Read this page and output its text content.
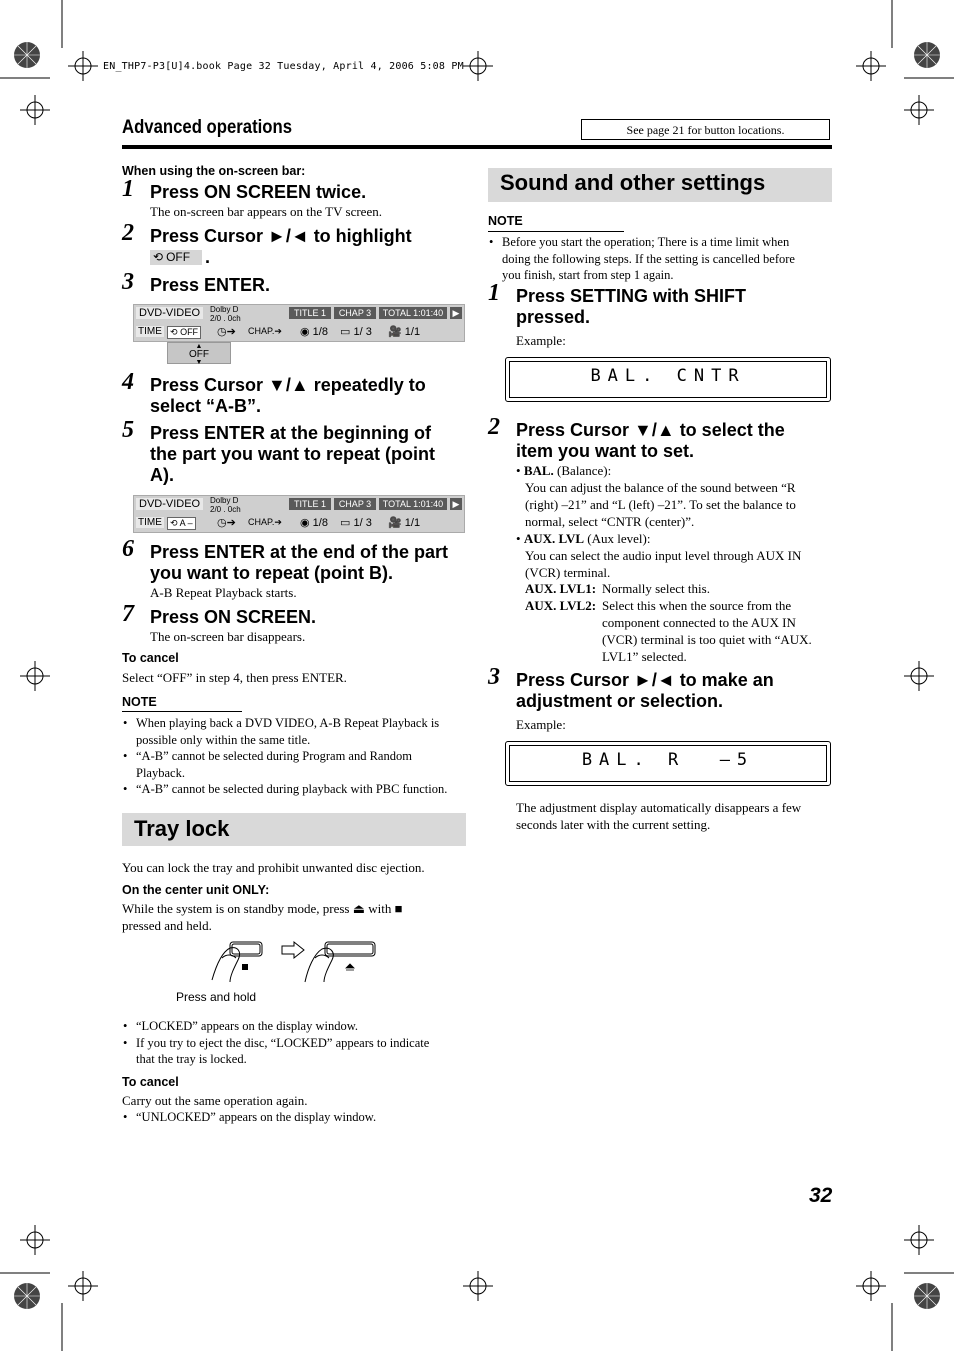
EN_THP7-P3[U]4.book Page 32 Tuesday, April 4, 2006 5:08 PM
Advanced operations	See page 21 for button locations.
When using the on-screen bar:
1 Press ON SCREEN twice.
The on-screen bar appears on the TV screen.
2 Press Cursor ►/◄ to highlight
⟲ OFF .
3 Press ENTER.
DVD-VIDEO	Dolby D
2/0 . 0ch
TITLE 1	CHAP 3	TOTAL 1:01:40	▶
TIME ⟲ OFF ◷➔ CHAP.➔ ◉ 1/8 ▭ 1/ 3 🎥 1/1
▲
OFF
▼
4 Press Cursor ▼/▲ repeatedly to
select “A-B”.
5 Press ENTER at the beginning of
the part you want to repeat (point
A).
DVD-VIDEO	Dolby D
2/0 . 0ch
TITLE 1	CHAP 3	TOTAL 1:01:40	▶
TIME ⟲ A – ◷➔ CHAP.➔ ◉ 1/8 ▭ 1/ 3 🎥 1/1
6 Press ENTER at the end of the part
you want to repeat (point B).
A-B Repeat Playback starts.
7 Press ON SCREEN.
The on-screen bar disappears.
To cancel
Select “OFF” in step 4, then press ENTER.
NOTE
• When playing back a DVD VIDEO, A-B Repeat Playback is
possible only within the same title.
• “A-B” cannot be selected during Program and Random
Playback.
• “A-B” cannot be selected during playback with PBC function.
Tray lock
You can lock the tray and prohibit unwanted disc ejection.
On the center unit ONLY:
While the system is on standby mode, press ⏏ with ■
pressed and held.
Press and hold
• “LOCKED” appears on the display window.
• If you try to eject the disc, “LOCKED” appears to indicate
that the tray is locked.
To cancel
Carry out the same operation again.
• “UNLOCKED” appears on the display window.
Sound and other settings
NOTE
• Before you start the operation; There is a time limit when
doing the following steps. If the setting is cancelled before
you finish, start from step 1 again.
1 Press SETTING with SHIFT
pressed.
Example:
BAL. CNTR
2 Press Cursor ▼/▲ to select the
item you want to set.
• BAL. (Balance):
You can adjust the balance of the sound between “R
(right) –21” and “L (left) –21”. To set the balance to
normal, select “CNTR (center)”.
• AUX. LVL (Aux level):
You can select the audio input level through AUX IN
(VCR) terminal.
AUX. LVL1: Normally select this.
AUX. LVL2: Select this when the source from the
component connected to the AUX IN
(VCR) terminal is too quiet with “AUX.
LVL1” selected.
3 Press Cursor ►/◄ to make an
adjustment or selection.
Example:
BAL. R  –5
The adjustment display automatically disappears a few
seconds later with the current setting.
32
